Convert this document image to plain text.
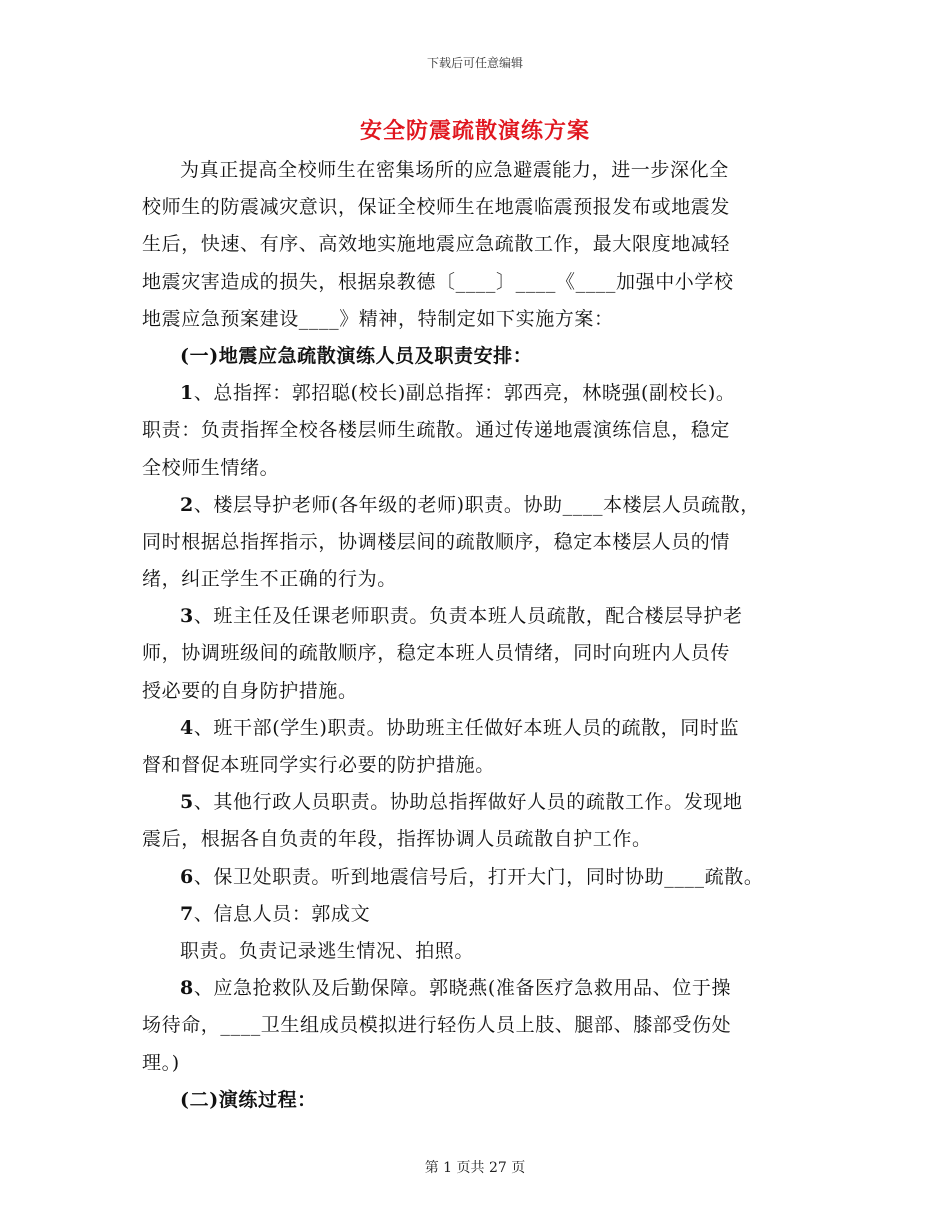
下载后可任意编辑
安全防震疏散演练方案
为真正提高全校师生在密集场所的应急避震能力，进一步深化全
校师生的防震减灾意识，保证全校师生在地震临震预报发布或地震发
生后，快速、有序、高效地实施地震应急疏散工作，最大限度地减轻
地震灾害造成的损失，根据泉教德〔____〕____《____加强中小学校
地震应急预案建设____》精神，特制定如下实施方案：
(一)地震应急疏散演练人员及职责安排：
1、总指挥：郭招聪(校长)副总指挥：郭西亮，林晓强(副校长)。
职责：负责指挥全校各楼层师生疏散。通过传递地震演练信息，稳定
全校师生情绪。
2、楼层导护老师(各年级的老师)职责。协助____本楼层人员疏散，
同时根据总指挥指示，协调楼层间的疏散顺序，稳定本楼层人员的情
绪，纠正学生不正确的行为。
3、班主任及任课老师职责。负责本班人员疏散，配合楼层导护老
师，协调班级间的疏散顺序，稳定本班人员情绪，同时向班内人员传
授必要的自身防护措施。
4、班干部(学生)职责。协助班主任做好本班人员的疏散，同时监
督和督促本班同学实行必要的防护措施。
5、其他行政人员职责。协助总指挥做好人员的疏散工作。发现地
震后，根据各自负责的年段，指挥协调人员疏散自护工作。
6、保卫处职责。听到地震信号后，打开大门，同时协助____疏散。
7、信息人员：郭成文
职责。负责记录逃生情况、拍照。
8、应急抢救队及后勤保障。郭晓燕(准备医疗急救用品、位于操
场待命，____卫生组成员模拟进行轻伤人员上肢、腿部、膝部受伤处
理。)
(二)演练过程：
第 1 页共 27 页
